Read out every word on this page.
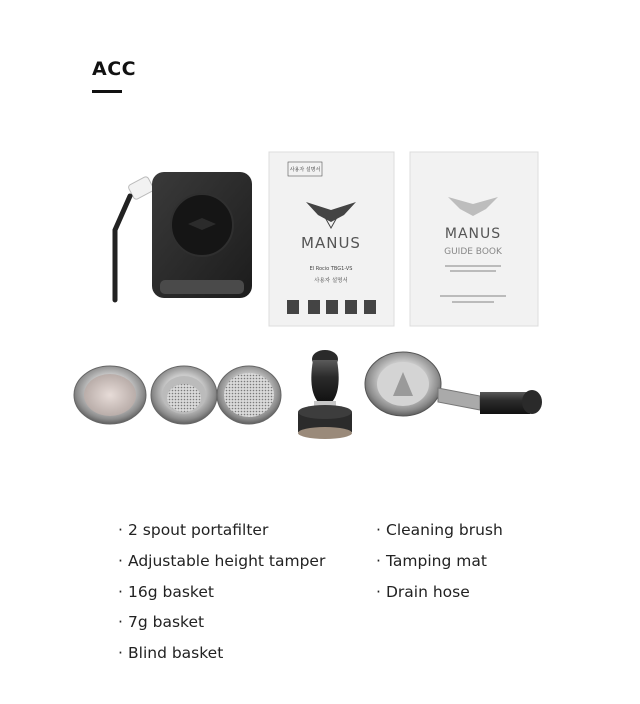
ACC
사용자 설명서
MANUS
El Rocio TBG1-VS
사용자 설명서
MANUS
GUIDE BOOK
· 2 spout portafilter
· Adjustable height tamper
· 16g basket
· 7g basket
· Blind basket
· Cleaning brush
· Tamping mat
· Drain hose
